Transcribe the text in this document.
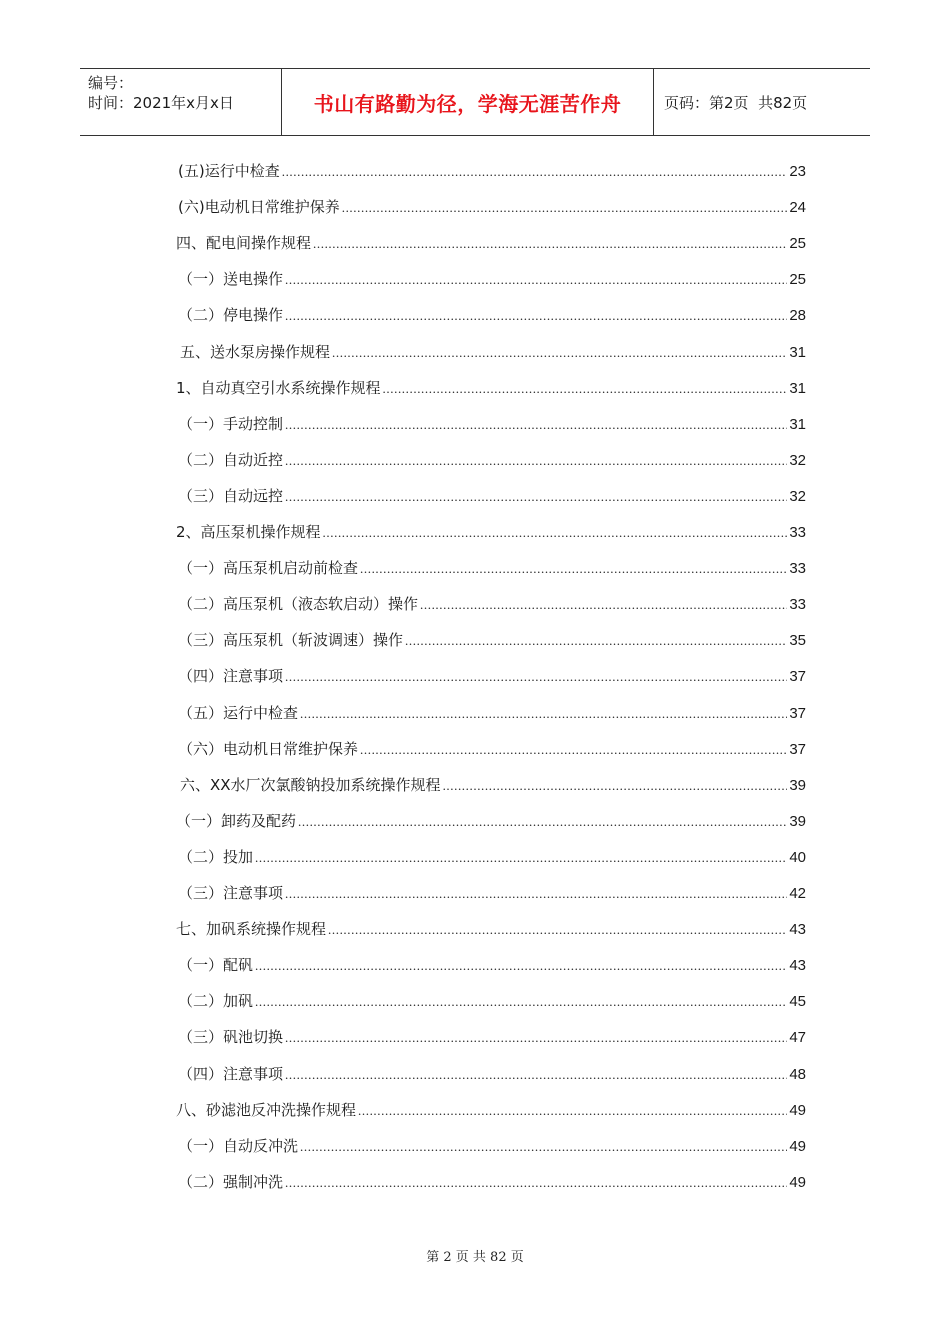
编号：
时间：2021年x月x日	书山有路勤为径，学海无涯苦作舟	页码：第2页  共82页
(五)运行中检查 .....	23
(六)电动机日常维护保养 .....	24
四、配电间操作规程 .....	25
（一）送电操作 .....	25
（二）停电操作 .....	28
五、送水泵房操作规程 .....	31
1、自动真空引水系统操作规程 .....	31
（一）手动控制 .....	31
（二）自动近控 .....	32
（三）自动远控 .....	32
2、高压泵机操作规程 .....	33
（一）高压泵机启动前检查 .....	33
（二）高压泵机（液态软启动）操作 .....	33
（三）高压泵机（斩波调速）操作 .....	35
（四）注意事项 .....	37
（五）运行中检查 .....	37
（六）电动机日常维护保养 .....	37
六、XX水厂次氯酸钠投加系统操作规程 .....	39
（一）卸药及配药 .....	39
（二）投加 .....	40
（三）注意事项 .....	42
七、加矾系统操作规程 .....	43
（一）配矾 .....	43
（二）加矾 .....	45
（三）矾池切换 .....	47
（四）注意事项 .....	48
八、砂滤池反冲洗操作规程 .....	49
（一）自动反冲洗 .....	49
（二）强制冲洗 .....	49
第 2 页 共 82 页
